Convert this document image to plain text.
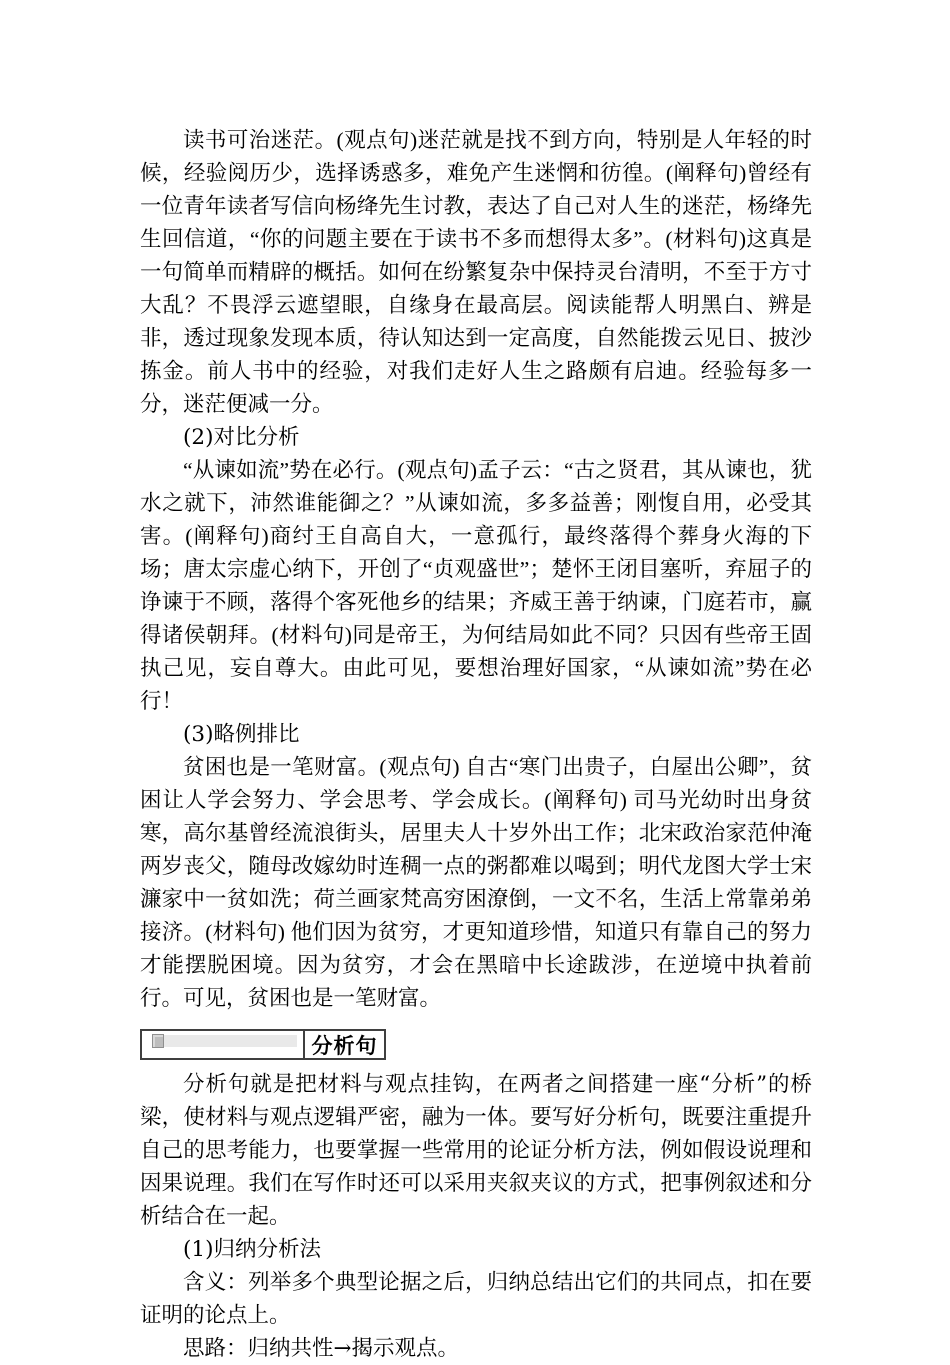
读书可治迷茫。(观点句)迷茫就是找不到方向，特别是人年轻的时候，经验阅历少，选择诱惑多，难免产生迷惘和彷徨。(阐释句)曾经有一位青年读者写信向杨绛先生讨教，表达了自己对人生的迷茫，杨绛先生回信道，“你的问题主要在于读书不多而想得太多”。(材料句)这真是一句简单而精辟的概括。如何在纷繁复杂中保持灵台清明，不至于方寸大乱？不畏浮云遮望眼，自缘身在最高层。阅读能帮人明黑白、辨是非，透过现象发现本质，待认知达到一定高度，自然能拨云见日、披沙拣金。前人书中的经验，对我们走好人生之路颇有启迪。经验每多一分，迷茫便减一分。

(2)对比分析

“从谏如流”势在必行。(观点句)孟子云：“古之贤君，其从谏也，犹水之就下，沛然谁能御之？”从谏如流，多多益善；刚愎自用，必受其害。(阐释句)商纣王自高自大，一意孤行，最终落得个葬身火海的下场；唐太宗虚心纳下，开创了“贞观盛世”；楚怀王闭目塞听，弃屈子的诤谏于不顾，落得个客死他乡的结果；齐威王善于纳谏，门庭若市，赢得诸侯朝拜。(材料句)同是帝王，为何结局如此不同？只因有些帝王固执己见，妄自尊大。由此可见，要想治理好国家，“从谏如流”势在必行！

(3)略例排比

贫困也是一笔财富。(观点句) 自古“寒门出贵子，白屋出公卿”，贫困让人学会努力、学会思考、学会成长。(阐释句) 司马光幼时出身贫寒，高尔基曾经流浪街头，居里夫人十岁外出工作；北宋政治家范仲淹两岁丧父，随母改嫁幼时连稠一点的粥都难以喝到；明代龙图大学士宋濂家中一贫如洗；荷兰画家梵高穷困潦倒，一文不名，生活上常靠弟弟接济。(材料句) 他们因为贫穷，才更知道珍惜，知道只有靠自己的努力才能摆脱困境。因为贫穷，才会在黑暗中长途跋涉，在逆境中执着前行。可见，贫困也是一笔财富。

分析句

分析句就是把材料与观点挂钩，在两者之间搭建一座“分析”的桥梁，使材料与观点逻辑严密，融为一体。要写好分析句，既要注重提升自己的思考能力，也要掌握一些常用的论证分析方法，例如假设说理和因果说理。我们在写作时还可以采用夹叙夹议的方式，把事例叙述和分析结合在一起。

(1)归纳分析法

含义：列举多个典型论据之后，归纳总结出它们的共同点，扣在要证明的论点上。

思路：归纳共性→揭示观点。
